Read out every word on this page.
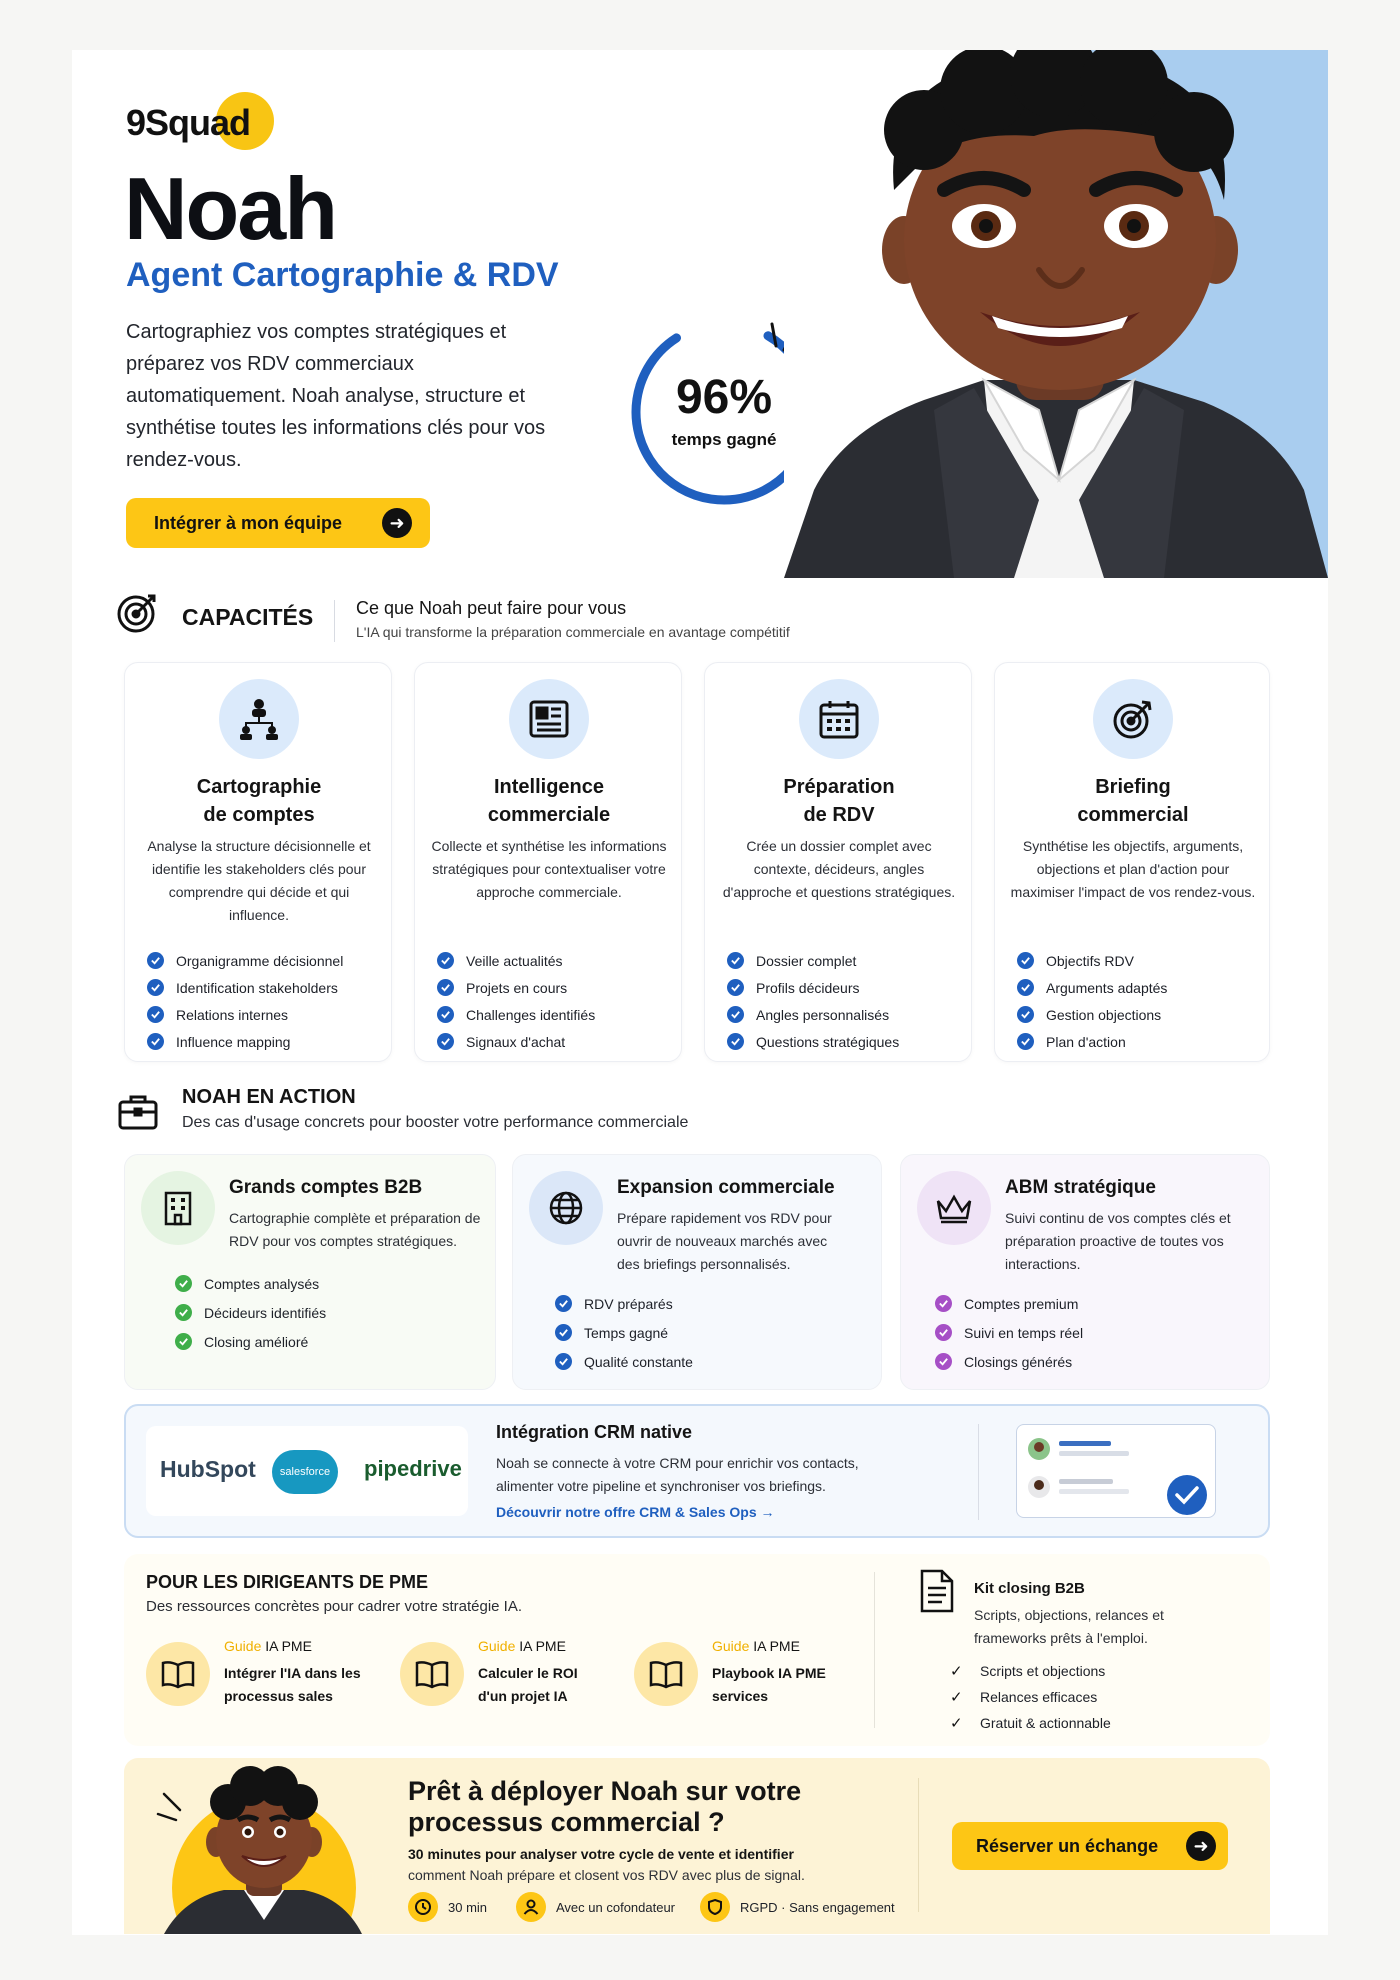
9Squad
Noah
Agent Cartographie & RDV

Cartographiez vos comptes stratégiques et préparez vos RDV commerciaux automatiquement. Noah analyse, structure et synthétise toutes les informations clés pour vos rendez-vous.

Intégrer à mon équipe	➜
96%
temps gagné
CAPACITÉS Ce que Noah peut faire pour vous
L'IA qui transforme la préparation commerciale en avantage compétitif
Cartographie
de comptes

Analyse la structure décisionnelle et identifie les stakeholders clés pour comprendre qui décide et qui influence.

Organigramme décisionnel
Identification stakeholders
Relations internes
Influence mapping
Intelligence
commerciale

Collecte et synthétise les informations stratégiques pour contextualiser votre approche commerciale.

Veille actualités
Projets en cours
Challenges identifiés
Signaux d'achat
Préparation
de RDV

Crée un dossier complet avec contexte, décideurs, angles d'approche et questions stratégiques.

Dossier complet
Profils décideurs
Angles personnalisés
Questions stratégiques
Briefing
commercial

Synthétise les objectifs, arguments, objections et plan d'action pour maximiser l'impact de vos rendez-vous.

Objectifs RDV
Arguments adaptés
Gestion objections
Plan d'action
NOAH EN ACTION
Des cas d'usage concrets pour booster votre performance commerciale
Grands comptes B2B

Cartographie complète et préparation de RDV pour vos comptes stratégiques.

Comptes analysés
Décideurs identifiés
Closing amélioré
Expansion commerciale

Prépare rapidement vos RDV pour ouvrir de nouveaux marchés avec des briefings personnalisés.

RDV préparés
Temps gagné
Qualité constante
ABM stratégique

Suivi continu de vos comptes clés et préparation proactive de toutes vos interactions.

Comptes premium
Suivi en temps réel
Closings générés
HubSpot	salesforce	pipedrive
Intégration CRM native

Noah se connecte à votre CRM pour enrichir vos contacts, alimenter votre pipeline et synchroniser vos briefings.

Découvrir notre offre CRM & Sales Ops →
POUR LES DIRIGEANTS DE PME
Des ressources concrètes pour cadrer votre stratégie IA.
Guide IA PME
Intégrer l'IA dans les processus sales
Guide IA PME
Calculer le ROI d'un projet IA
Guide IA PME
Playbook IA PME services
Kit closing B2B

Scripts, objections, relances et frameworks prêts à l'emploi.

✓	Scripts et objections
✓	Relances efficaces
✓	Gratuit & actionnable
Prêt à déployer Noah sur votre processus commercial ?

30 minutes pour analyser votre cycle de vente et identifier
comment Noah prépare et closent vos RDV avec plus de signal.

30 min	Avec un cofondateur	RGPD · Sans engagement
Réserver un échange	➜
